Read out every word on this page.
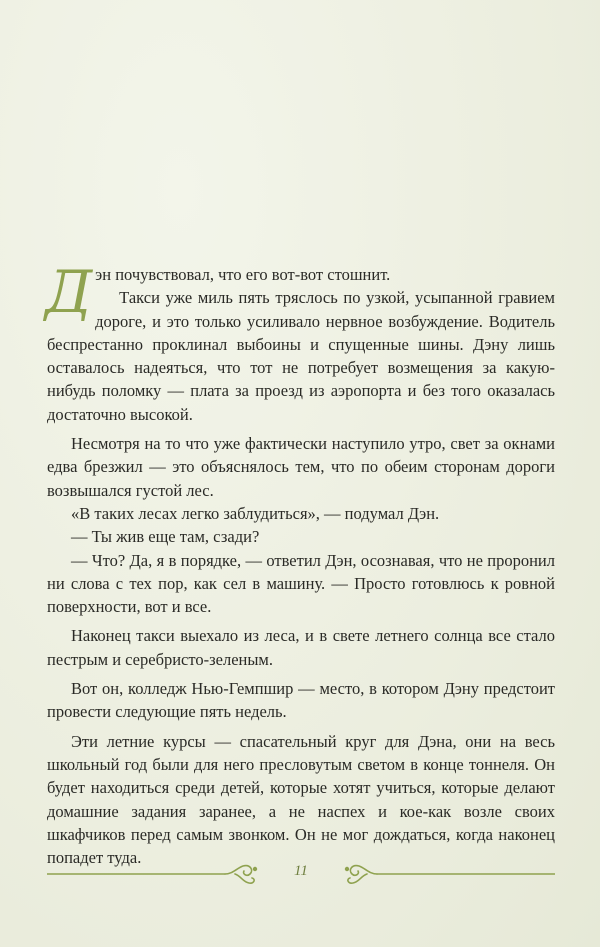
Дэн почувствовал, что его вот-вот стошнит.

Такси уже миль пять тряслось по узкой, усыпанной гравием дороге, и это только усиливало нервное возбуждение. Водитель беспрестанно проклинал выбоины и спущенные шины. Дэну лишь оставалось надеяться, что тот не потребует возмещения за какую-нибудь поломку — плата за проезд из аэропорта и без того оказалась достаточно высокой.

Несмотря на то что уже фактически наступило утро, свет за окнами едва брезжил — это объяснялось тем, что по обеим сторонам дороги возвышался густой лес.

«В таких лесах легко заблудиться», — подумал Дэн.

— Ты жив еще там, сзади?

— Что? Да, я в порядке, — ответил Дэн, осознавая, что не проронил ни слова с тех пор, как сел в машину. — Просто готовлюсь к ровной поверхности, вот и все.

Наконец такси выехало из леса, и в свете летнего солнца все стало пестрым и серебристо-зеленым.

Вот он, колледж Нью-Гемпшир — место, в котором Дэну предстоит провести следующие пять недель.

Эти летние курсы — спасательный круг для Дэна, они на весь школьный год были для него пресловутым светом в конце тоннеля. Он будет находиться среди детей, которые хотят учиться, которые делают домашние задания заранее, а не наспех и кое-как возле своих шкафчиков перед самым звонком. Он не мог дождаться, когда наконец попадет туда.

11
